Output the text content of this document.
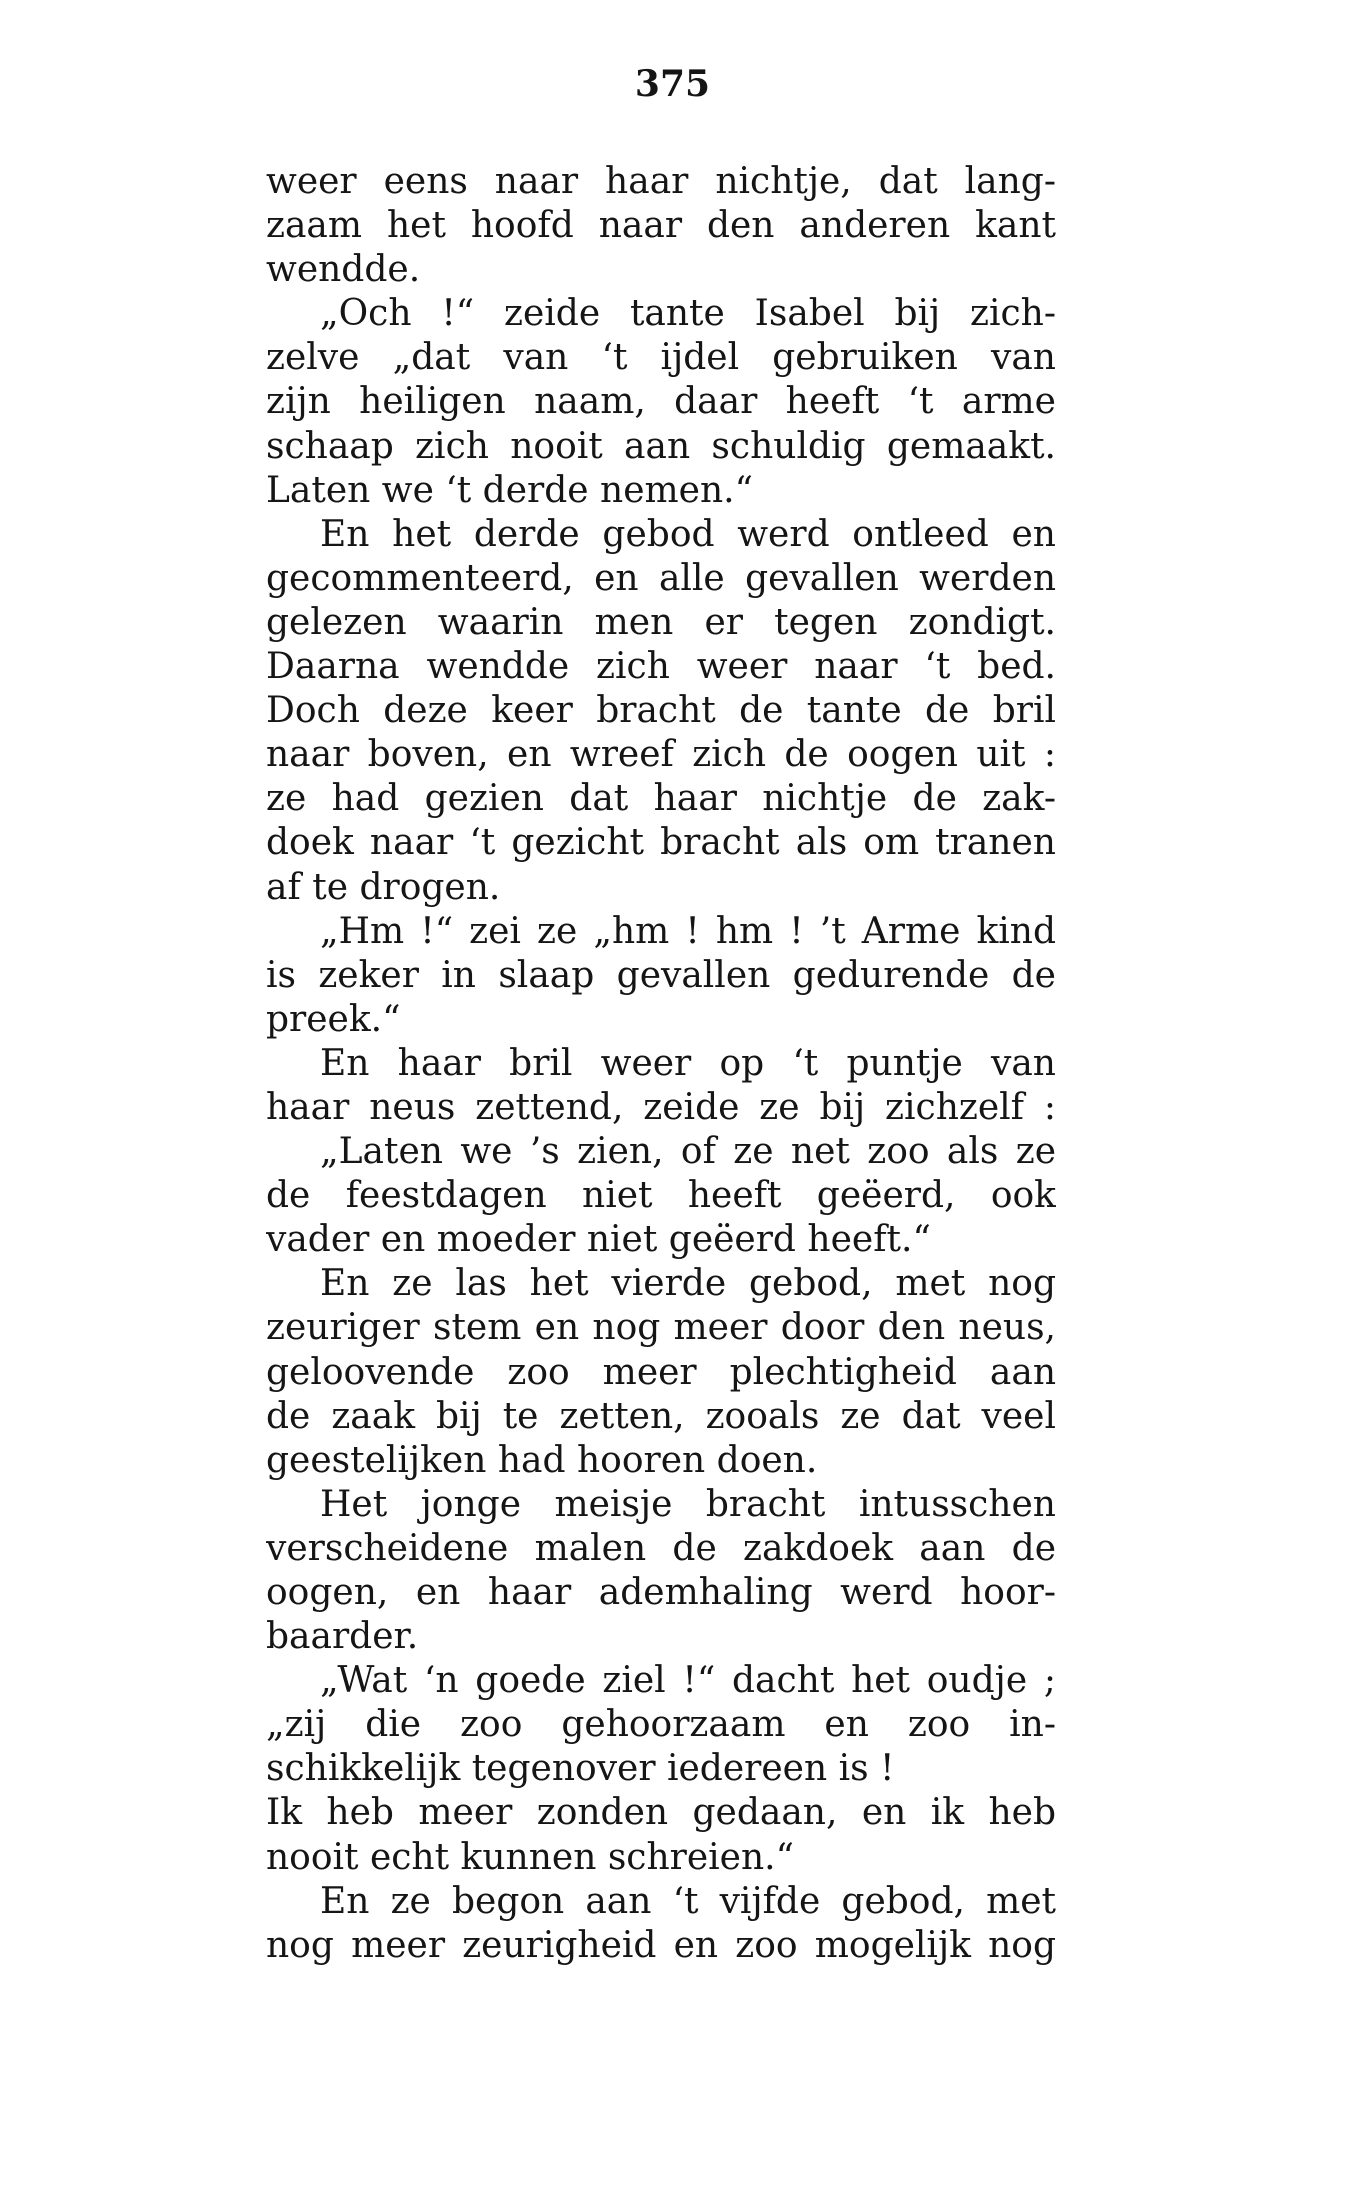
375
weer eens naar haar nichtje, dat lang-
zaam het hoofd naar den anderen kant
wendde.
„Och !“ zeide tante Isabel bij zich-
zelve „dat van ‘t ijdel gebruiken van
zijn heiligen naam, daar heeft ‘t arme
schaap zich nooit aan schuldig gemaakt.
Laten we ‘t derde nemen.“
En het derde gebod werd ontleed en
gecommenteerd, en alle gevallen werden
gelezen waarin men er tegen zondigt.
Daarna wendde zich weer naar ‘t bed.
Doch deze keer bracht de tante de bril
naar boven, en wreef zich de oogen uit :
ze had gezien dat haar nichtje de zak-
doek naar ‘t gezicht bracht als om tranen
af te drogen.
„Hm !“ zei ze „hm ! hm ! ’t Arme kind
is zeker in slaap gevallen gedurende de
preek.“
En haar bril weer op ‘t puntje van
haar neus zettend, zeide ze bij zichzelf :
„Laten we ’s zien, of ze net zoo als ze
de feestdagen niet heeft geëerd, ook
vader en moeder niet geëerd heeft.“
En ze las het vierde gebod, met nog
zeuriger stem en nog meer door den neus,
geloovende zoo meer plechtigheid aan
de zaak bij te zetten, zooals ze dat veel
geestelijken had hooren doen.
Het jonge meisje bracht intusschen
verscheidene malen de zakdoek aan de
oogen, en haar ademhaling werd hoor-
baarder.
„Wat ‘n goede ziel !“ dacht het oudje ;
„zij die zoo gehoorzaam en zoo in-
schikkelijk tegenover iedereen is !
Ik heb meer zonden gedaan, en ik heb
nooit echt kunnen schreien.“
En ze begon aan ‘t vijfde gebod, met
nog meer zeurigheid en zoo mogelijk nog
